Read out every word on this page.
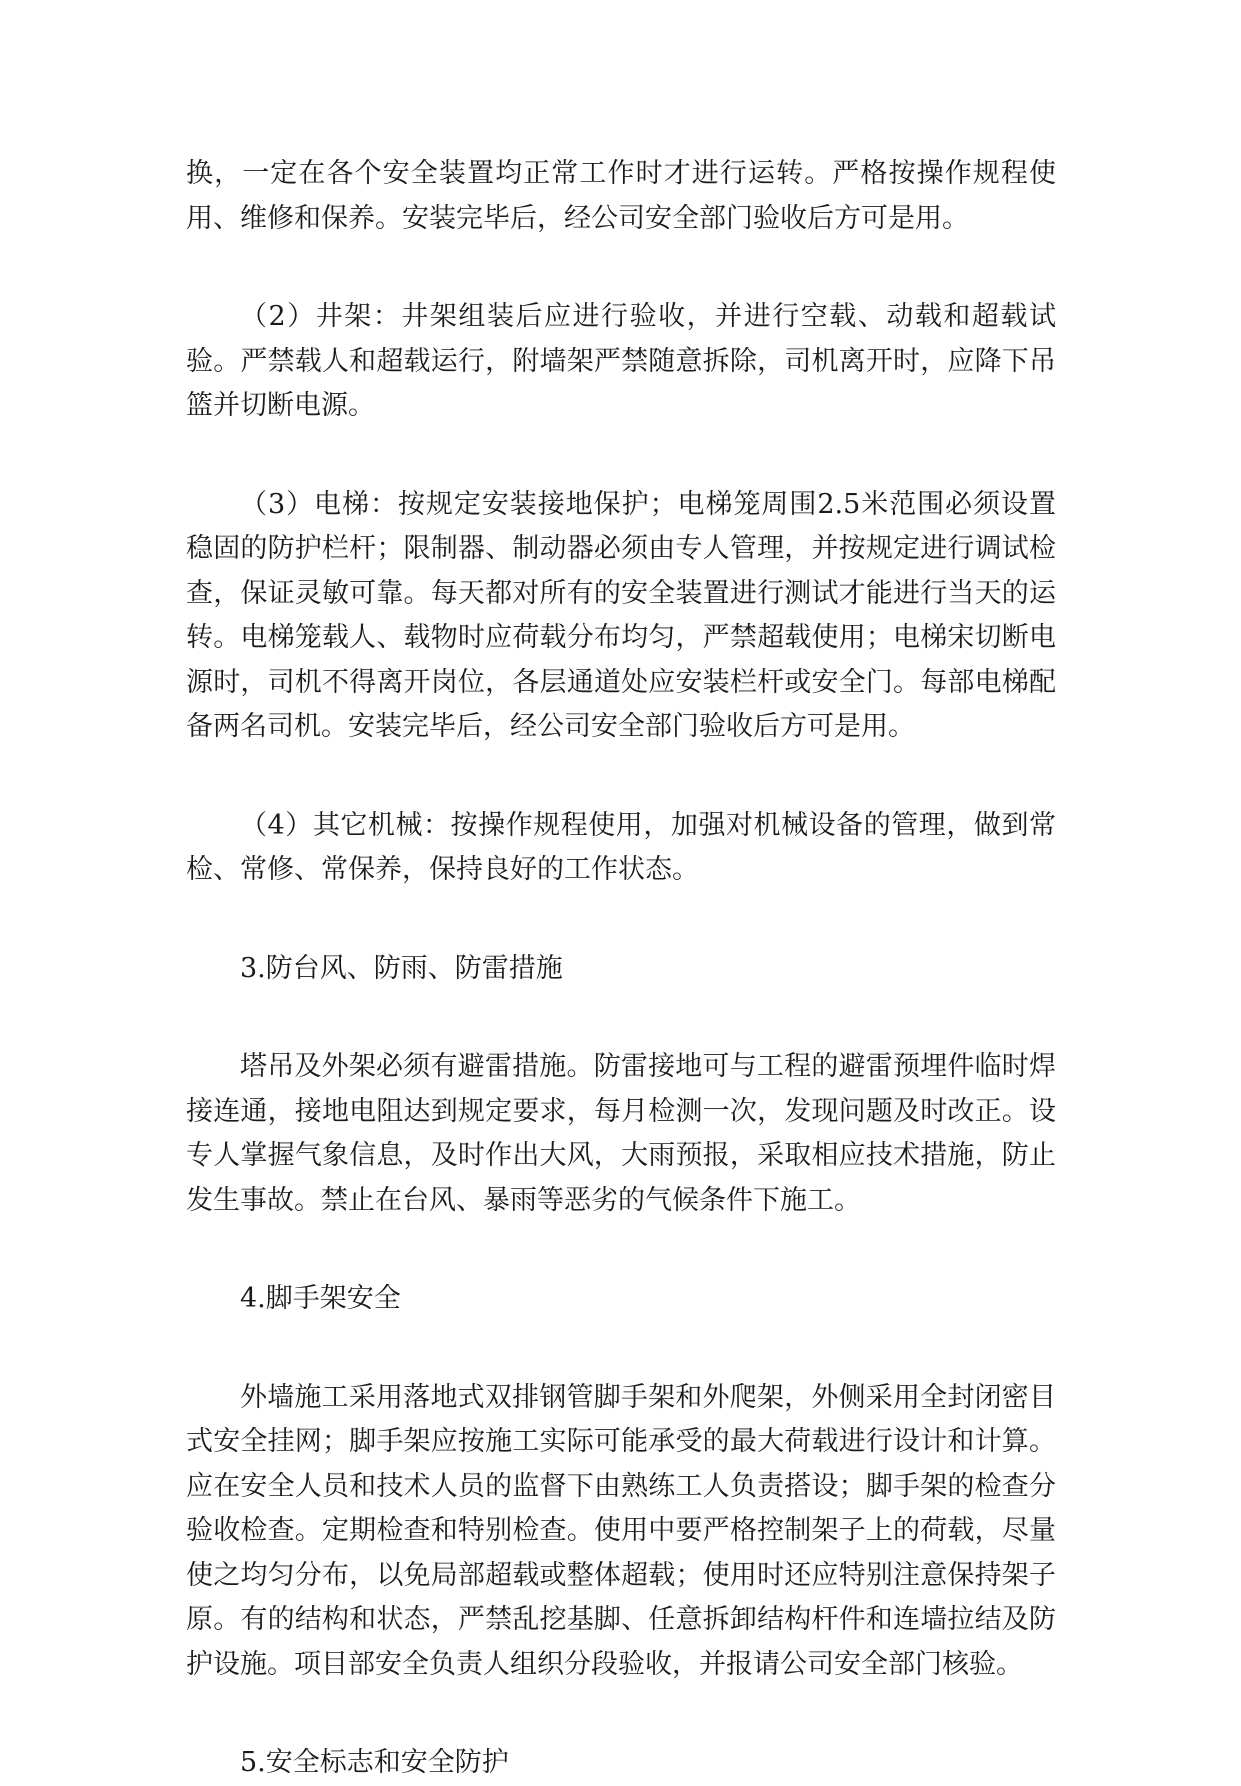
换，一定在各个安全装置均正常工作时才进行运转。严格按操作规程使用、维修和保养。安装完毕后，经公司安全部门验收后方可是用。

（2）井架：井架组装后应进行验收，并进行空载、动载和超载试验。严禁载人和超载运行，附墙架严禁随意拆除，司机离开时，应降下吊篮并切断电源。

（3）电梯：按规定安装接地保护；电梯笼周围2.5米范围必须设置稳固的防护栏杆；限制器、制动器必须由专人管理，并按规定进行调试检查，保证灵敏可靠。每天都对所有的安全装置进行测试才能进行当天的运转。电梯笼载人、载物时应荷载分布均匀，严禁超载使用；电梯宋切断电源时，司机不得离开岗位，各层通道处应安装栏杆或安全门。每部电梯配备两名司机。安装完毕后，经公司安全部门验收后方可是用。

（4）其它机械：按操作规程使用，加强对机械设备的管理，做到常检、常修、常保养，保持良好的工作状态。

3.防台风、防雨、防雷措施

塔吊及外架必须有避雷措施。防雷接地可与工程的避雷预埋件临时焊接连通，接地电阻达到规定要求，每月检测一次，发现问题及时改正。设专人掌握气象信息，及时作出大风，大雨预报，采取相应技术措施，防止发生事故。禁止在台风、暴雨等恶劣的气候条件下施工。

4.脚手架安全

外墙施工采用落地式双排钢管脚手架和外爬架，外侧采用全封闭密目式安全挂网；脚手架应按施工实际可能承受的最大荷载进行设计和计算。应在安全人员和技术人员的监督下由熟练工人负责搭设；脚手架的检查分验收检查。定期检查和特别检查。使用中要严格控制架子上的荷载，尽量使之均匀分布，以免局部超载或整体超载；使用时还应特别注意保持架子原。有的结构和状态，严禁乱挖基脚、任意拆卸结构杆件和连墙拉结及防护设施。项目部安全负责人组织分段验收，并报请公司安全部门核验。

5.安全标志和安全防护
